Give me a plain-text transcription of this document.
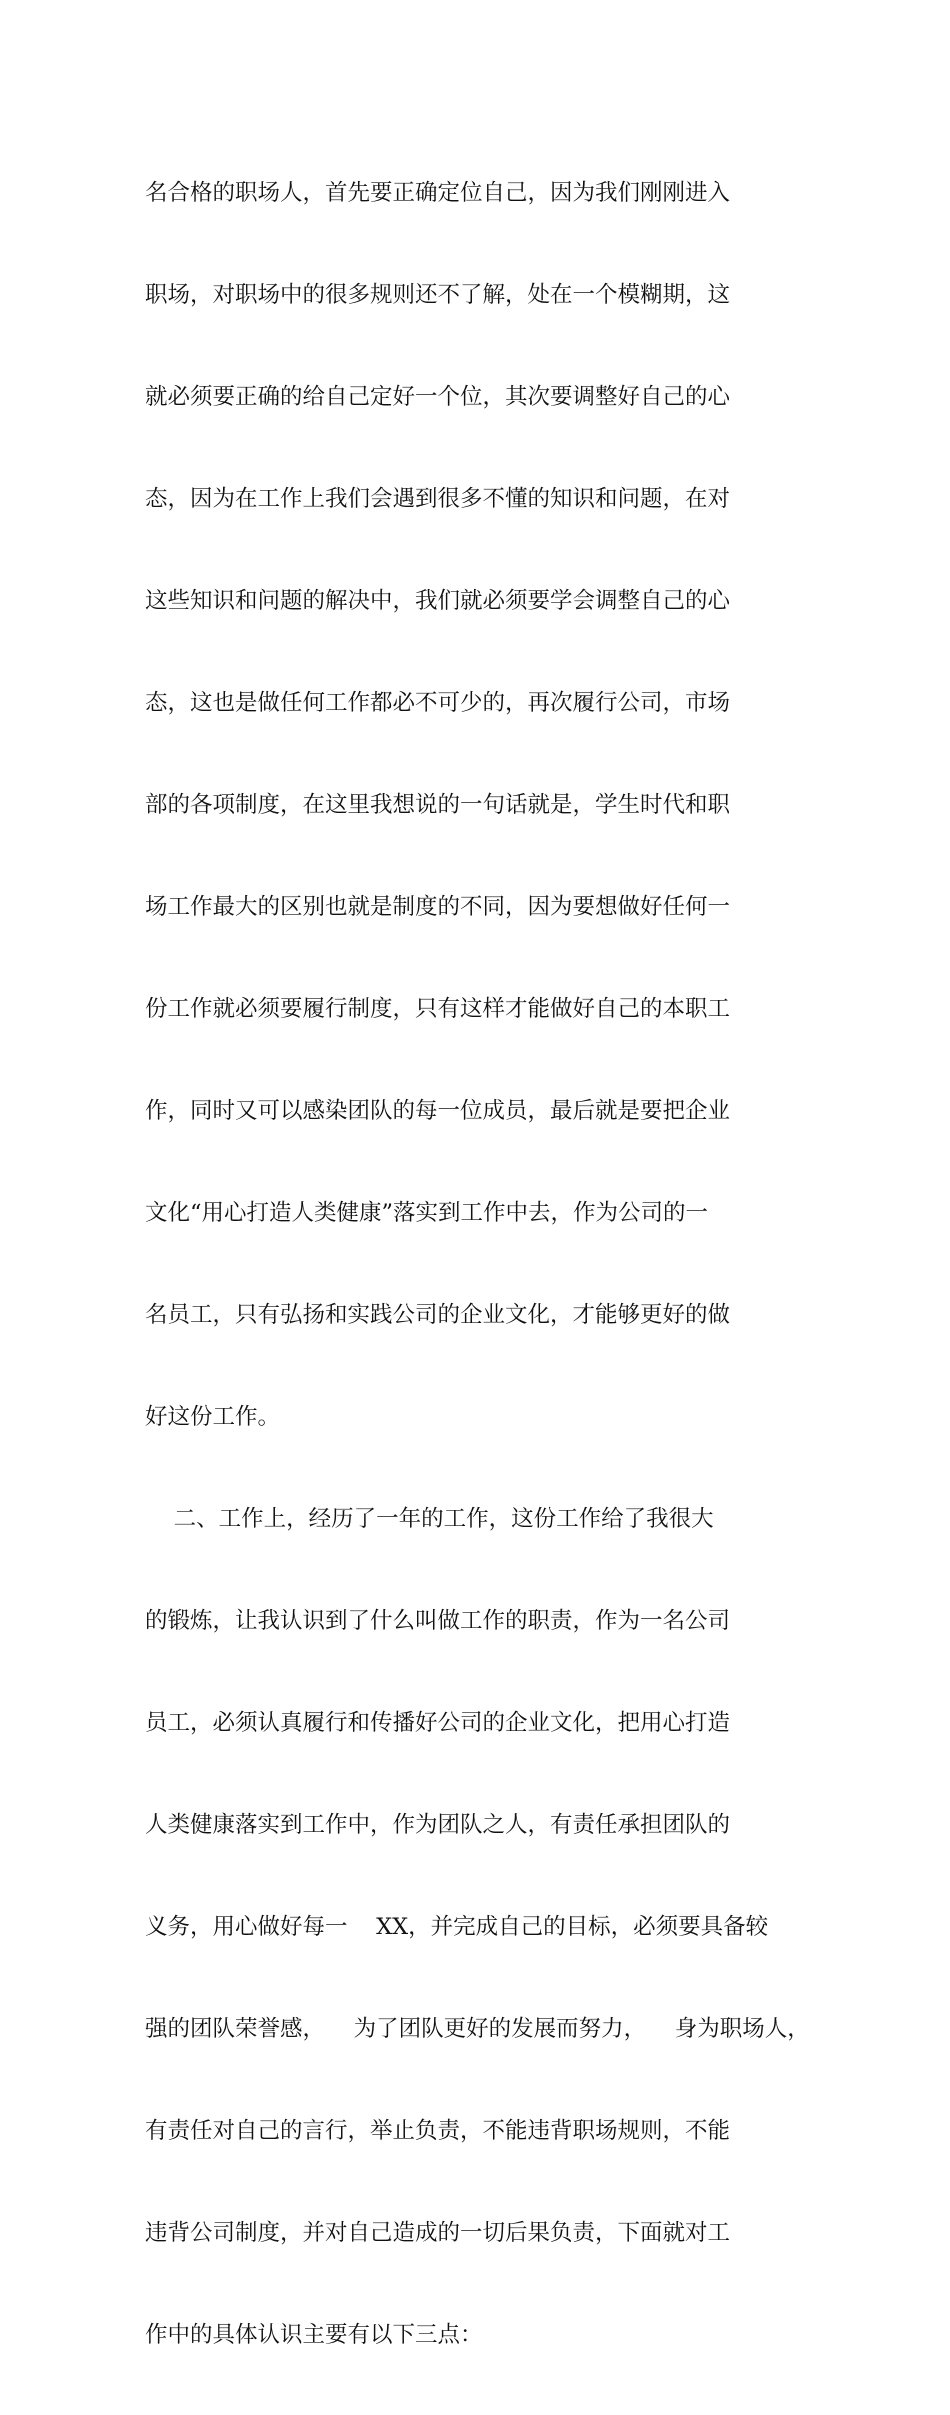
名合格的职场人，首先要正确定位自己，因为我们刚刚进入

职场，对职场中的很多规则还不了解，处在一个模糊期，这

就必须要正确的给自己定好一个位，其次要调整好自己的心

态，因为在工作上我们会遇到很多不懂的知识和问题，在对

这些知识和问题的解决中，我们就必须要学会调整自己的心

态，这也是做任何工作都必不可少的，再次履行公司，市场

部的各项制度，在这里我想说的一句话就是，学生时代和职

场工作最大的区别也就是制度的不同，因为要想做好任何一

份工作就必须要履行制度，只有这样才能做好自己的本职工

作，同时又可以感染团队的每一位成员，最后就是要把企业

文化“用心打造人类健康”落实到工作中去，作为公司的一

名员工，只有弘扬和实践公司的企业文化，才能够更好的做

好这份工作。

二、工作上，经历了一年的工作，这份工作给了我很大

的锻炼，让我认识到了什么叫做工作的职责，作为一名公司

员工，必须认真履行和传播好公司的企业文化，把用心打造

人类健康落实到工作中，作为团队之人，有责任承担团队的

义务，用心做好每一    XX，并完成自己的目标，必须要具备较

强的团队荣誉感，    为了团队更好的发展而努力，    身为职场人，

有责任对自己的言行，举止负责，不能违背职场规则，不能

违背公司制度，并对自己造成的一切后果负责，下面就对工

作中的具体认识主要有以下三点：
